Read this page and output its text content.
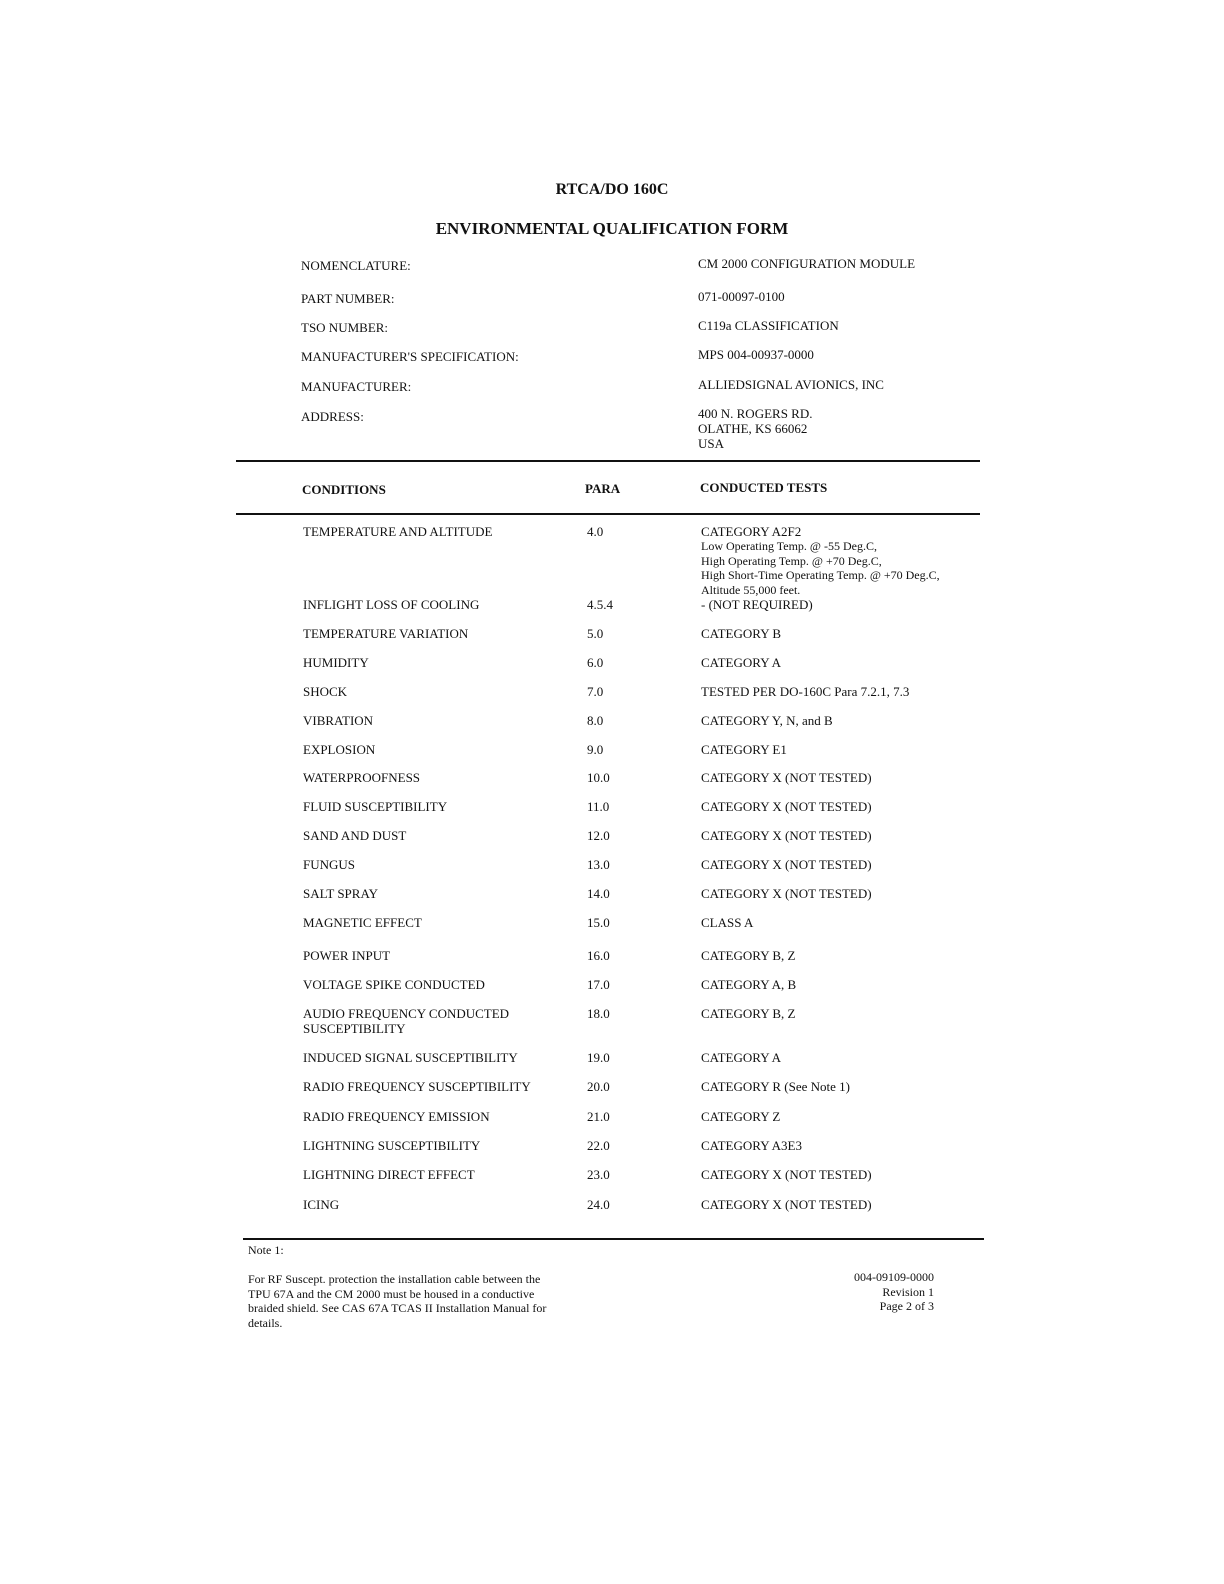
RTCA/DO 160C
ENVIRONMENTAL QUALIFICATION FORM
NOMENCLATURE:	CM 2000 CONFIGURATION MODULE
PART NUMBER:	071-00097-0100
TSO NUMBER:	C119a CLASSIFICATION
MANUFACTURER'S SPECIFICATION:	MPS 004-00937-0000
MANUFACTURER:	ALLIEDSIGNAL AVIONICS, INC
ADDRESS:	400 N. ROGERS RD.
OLATHE, KS 66062
USA
CONDITIONS	PARA	CONDUCTED TESTS
TEMPERATURE AND ALTITUDE	4.0	CATEGORY A2F2
Low Operating Temp. @ -55 Deg.C,
High Operating Temp. @ +70 Deg.C,
High Short-Time Operating Temp. @ +70 Deg.C,
Altitude 55,000 feet.
INFLIGHT LOSS OF COOLING	4.5.4	- (NOT REQUIRED)
TEMPERATURE VARIATION	5.0	CATEGORY B
HUMIDITY	6.0	CATEGORY A
SHOCK	7.0	TESTED PER DO-160C Para 7.2.1, 7.3
VIBRATION	8.0	CATEGORY Y, N, and B
EXPLOSION	9.0	CATEGORY E1
WATERPROOFNESS	10.0	CATEGORY X (NOT TESTED)
FLUID SUSCEPTIBILITY	11.0	CATEGORY X (NOT TESTED)
SAND AND DUST	12.0	CATEGORY X (NOT TESTED)
FUNGUS	13.0	CATEGORY X (NOT TESTED)
SALT SPRAY	14.0	CATEGORY X (NOT TESTED)
MAGNETIC EFFECT	15.0	CLASS A
POWER INPUT	16.0	CATEGORY B, Z
VOLTAGE SPIKE CONDUCTED	17.0	CATEGORY A, B
AUDIO FREQUENCY CONDUCTED SUSCEPTIBILITY
18.0	CATEGORY B, Z
INDUCED SIGNAL SUSCEPTIBILITY	19.0	CATEGORY A
RADIO FREQUENCY SUSCEPTIBILITY	20.0	CATEGORY R (See Note 1)
RADIO FREQUENCY EMISSION	21.0	CATEGORY Z
LIGHTNING SUSCEPTIBILITY	22.0	CATEGORY A3E3
LIGHTNING DIRECT EFFECT	23.0	CATEGORY X (NOT TESTED)
ICING	24.0	CATEGORY X (NOT TESTED)
Note 1:
For RF Suscept. protection the installation cable between the TPU 67A and the CM 2000 must be housed in a conductive braided shield. See CAS 67A TCAS II Installation Manual for details.
004-09109-0000
Revision 1
Page 2 of 3
